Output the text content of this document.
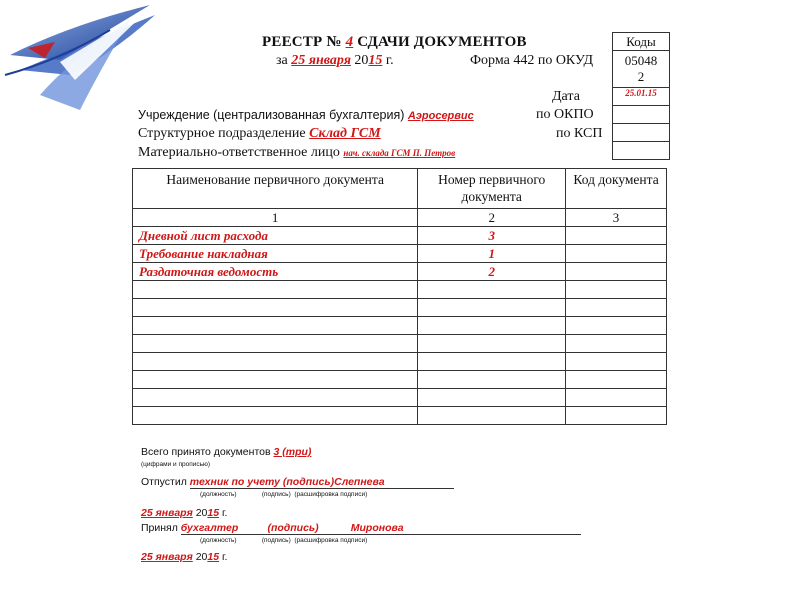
РЕЕСТР № 4 СДАЧИ ДОКУМЕНТОВ
за 25 января 2015 г.	Форма 442 по ОКУД
Дата
Учреждение (централизованная бухгалтерия) Аэросервис	по ОКПО
Структурное подразделение Склад ГСМ	по КСП
Материально-ответственное лицо нач. склада ГСМ П. Петров
Коды
05048
2
25.01.15

Наименование первичного документа	Номер первичного документа	Код документа
1	2	3
Дневной лист расхода	3	
Требование накладная	1	
Раздаточная ведомость	2	

Всего принято документов 3 (три)
(цифрами и прописью)
Отпустил техник по учету (подпись)Слепнева
(должность)              (подпись)  (расшифровка подписи)
25 января 2015 г.
Принял бухгалтер	(подпись)	Миронова
(должность)              (подпись)  (расшифровка подписи)
25 января 2015 г.
